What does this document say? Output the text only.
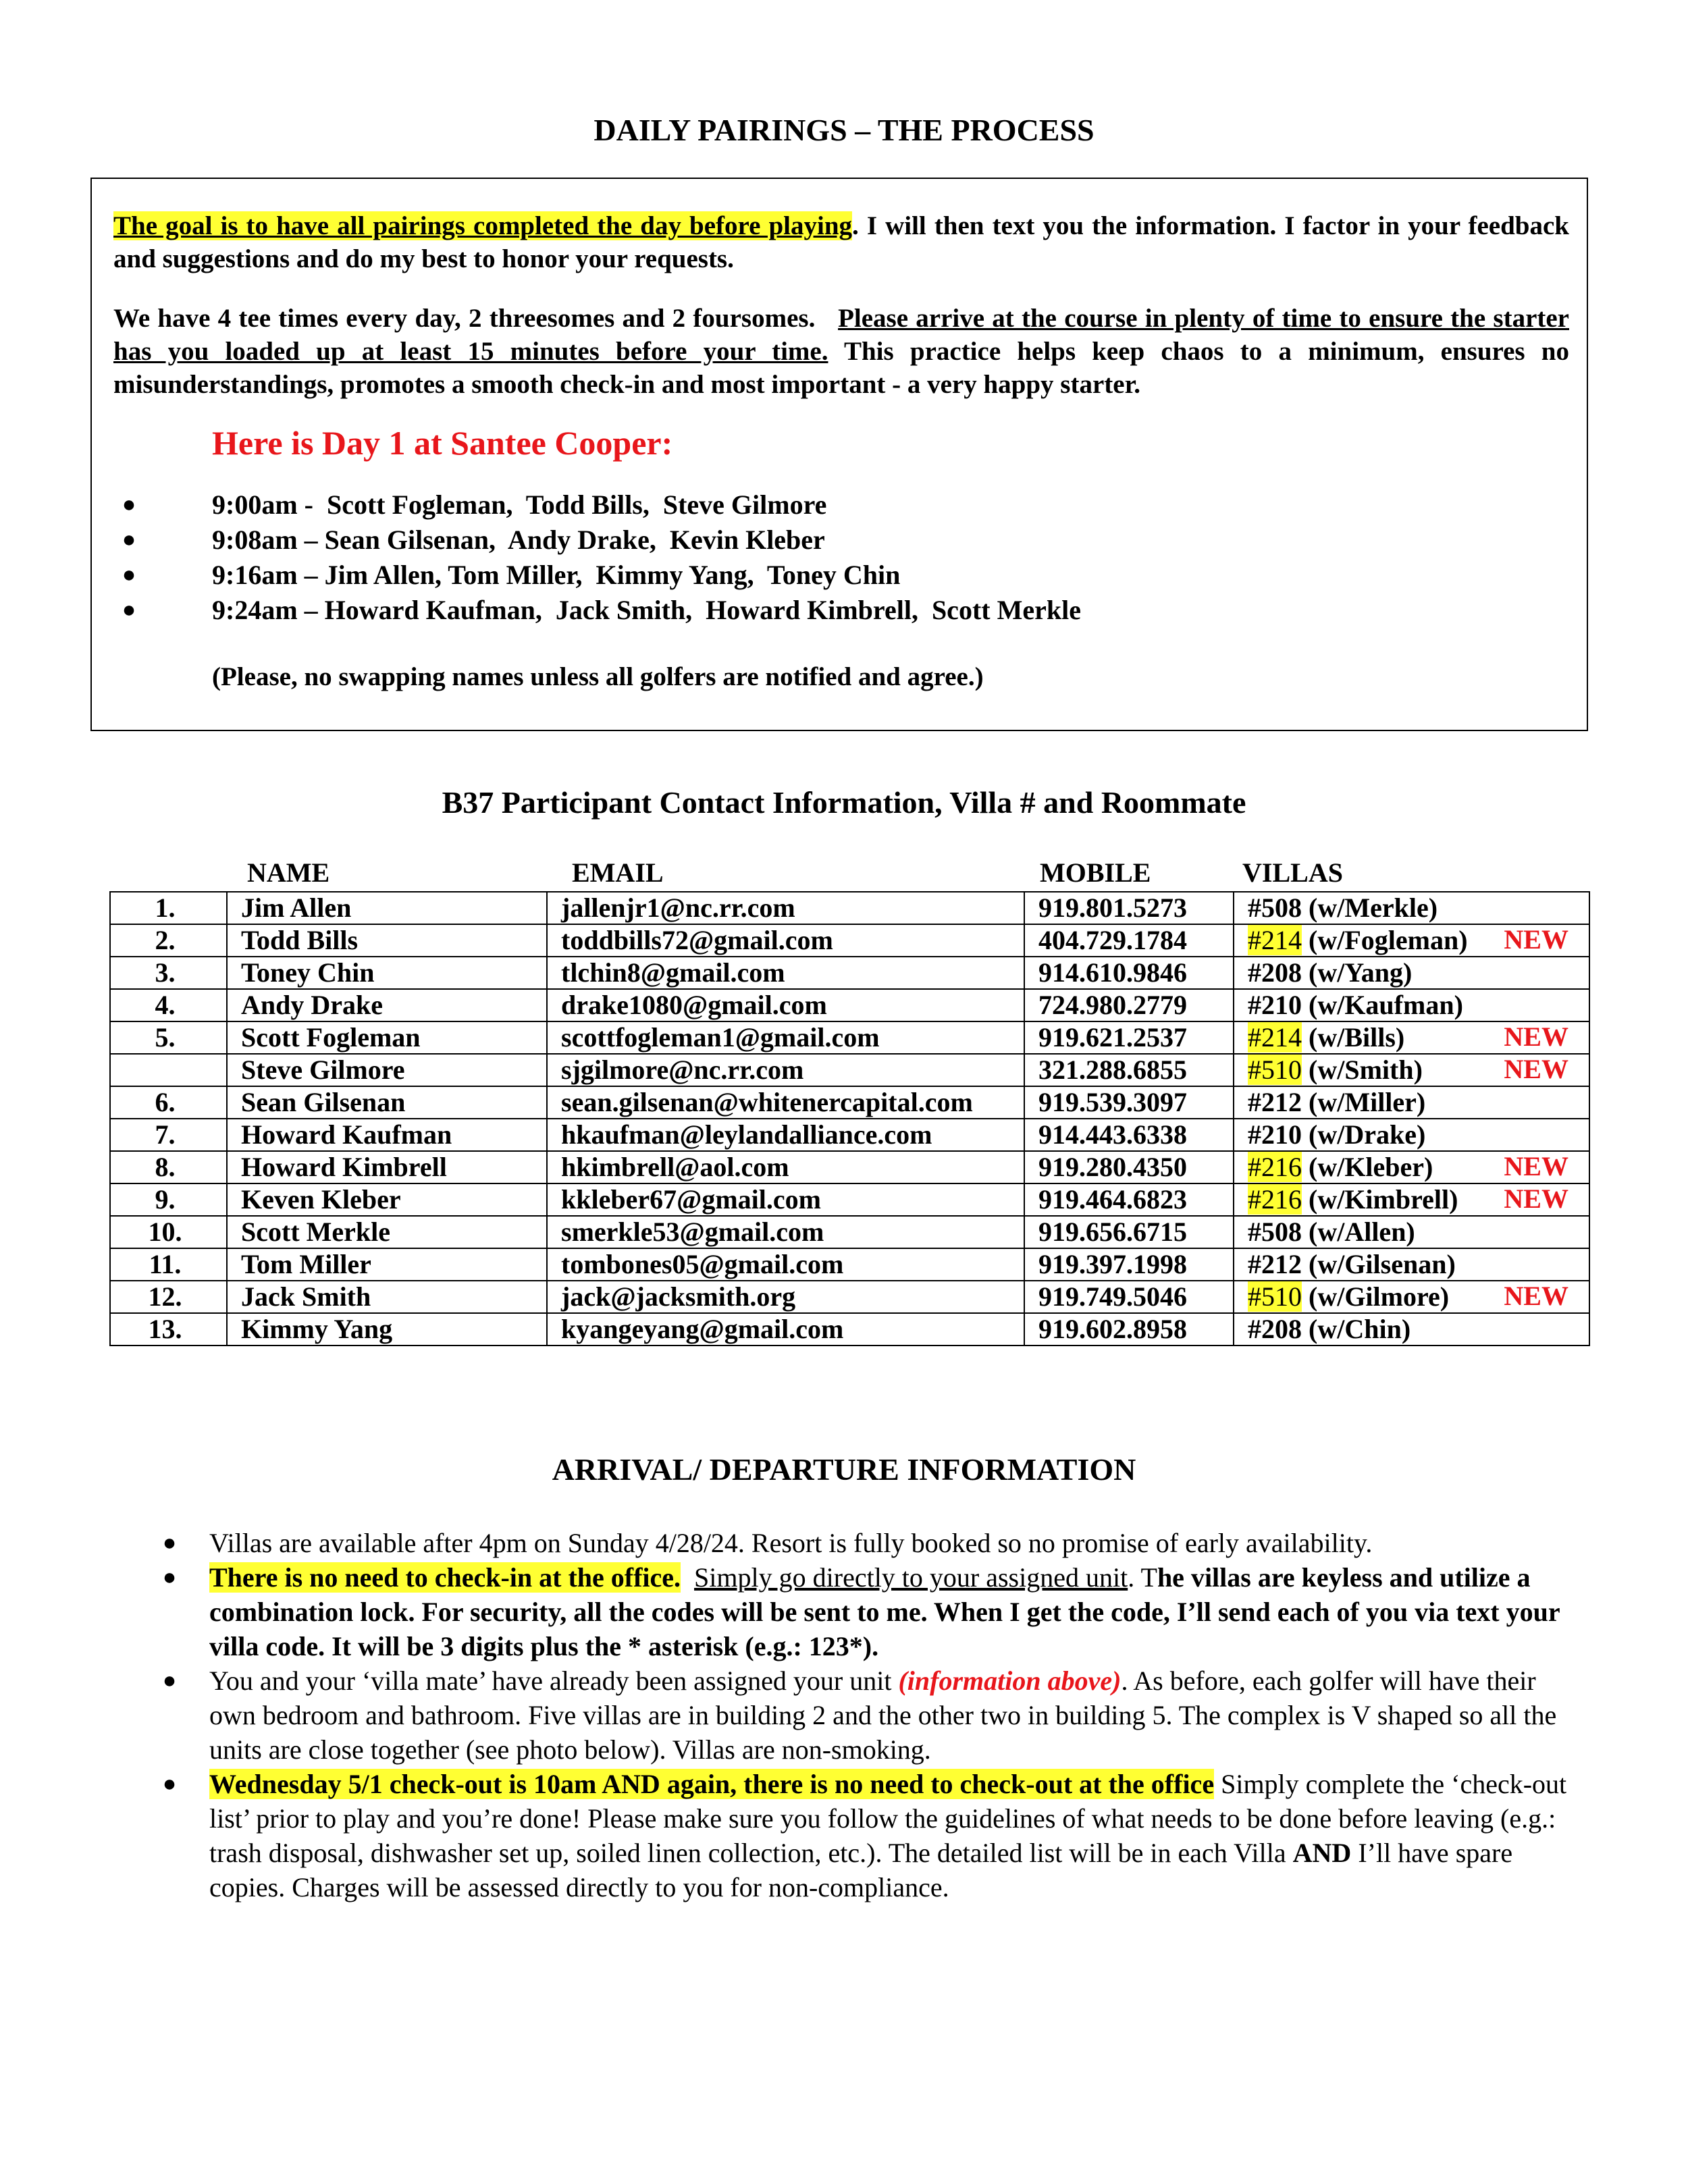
DAILY PAIRINGS – THE PROCESS

The goal is to have all pairings completed the day before playing. I will then text you the information. I factor in your feedback and suggestions and do my best to honor your requests.

We have 4 tee times every day, 2 threesomes and 2 foursomes.   Please arrive at the course in plenty of time to ensure the starter has you loaded up at least 15 minutes before your time. This practice helps keep chaos to a minimum, ensures no misunderstandings, promotes a smooth check-in and most important - a very happy starter.

Here is Day 1 at Santee Cooper:
●	9:00am -  Scott Fogleman,  Todd Bills,  Steve Gilmore
●	9:08am – Sean Gilsenan,  Andy Drake,  Kevin Kleber
●	9:16am – Jim Allen, Tom Miller,  Kimmy Yang,  Toney Chin
●	9:24am – Howard Kaufman,  Jack Smith,  Howard Kimbrell,  Scott Merkle

(Please, no swapping names unless all golfers are notified and agree.)

B37 Participant Contact Information, Villa # and Roommate

NAME	EMAIL	MOBILE	VILLAS

1.	Jim Allen	jallenjr1@nc.rr.com	919.801.5273	#508 (w/Merkle)
2.	Todd Bills	toddbills72@gmail.com	404.729.1784	#214 (w/Fogleman) NEW

3.	Toney Chin	tlchin8@gmail.com	914.610.9846	#208 (w/Yang)
4.	Andy Drake	drake1080@gmail.com	724.980.2779	#210 (w/Kaufman)
5.	Scott Fogleman	scottfogleman1@gmail.com	919.621.2537	#214 (w/Bills) NEW

	Steve Gilmore	sjgilmore@nc.rr.com	321.288.6855	#510 (w/Smith) NEW

6.	Sean Gilsenan	sean.gilsenan@whitenercapital.com	919.539.3097	#212 (w/Miller)
7.	Howard Kaufman	hkaufman@leylandalliance.com	914.443.6338	#210 (w/Drake)
8.	Howard Kimbrell	hkimbrell@aol.com	919.280.4350	#216 (w/Kleber) NEW

9.	Keven Kleber	kkleber67@gmail.com	919.464.6823	#216 (w/Kimbrell) NEW

10.	Scott Merkle	smerkle53@gmail.com	919.656.6715	#508 (w/Allen)
11.	Tom Miller	tombones05@gmail.com	919.397.1998	#212 (w/Gilsenan)
12.	Jack Smith	jack@jacksmith.org	919.749.5046	#510 (w/Gilmore) NEW

13.	Kimmy Yang	kyangeyang@gmail.com	919.602.8958	#208 (w/Chin)
ARRIVAL/ DEPARTURE INFORMATION
● Villas are available after 4pm on Sunday 4/28/24. Resort is fully booked so no promise of early availability.
● There is no need to check-in at the office. Simply go directly to your assigned unit. The villas are keyless and utilize a combination lock. For security, all the codes will be sent to me. When I get the code, I’ll send each of you via text your villa code. It will be 3 digits plus the * asterisk (e.g.: 123*).
● You and your ‘villa mate’ have already been assigned your unit (information above). As before, each golfer will have their own bedroom and bathroom. Five villas are in building 2 and the other two in building 5. The complex is V shaped so all the units are close together (see photo below). Villas are non-smoking.
● Wednesday 5/1 check-out is 10am AND again, there is no need to check-out at the office Simply complete the ‘check-out list’ prior to play and you’re done! Please make sure you follow the guidelines of what needs to be done before leaving (e.g.: trash disposal, dishwasher set up, soiled linen collection, etc.). The detailed list will be in each Villa AND I’ll have spare copies. Charges will be assessed directly to you for non-compliance.
